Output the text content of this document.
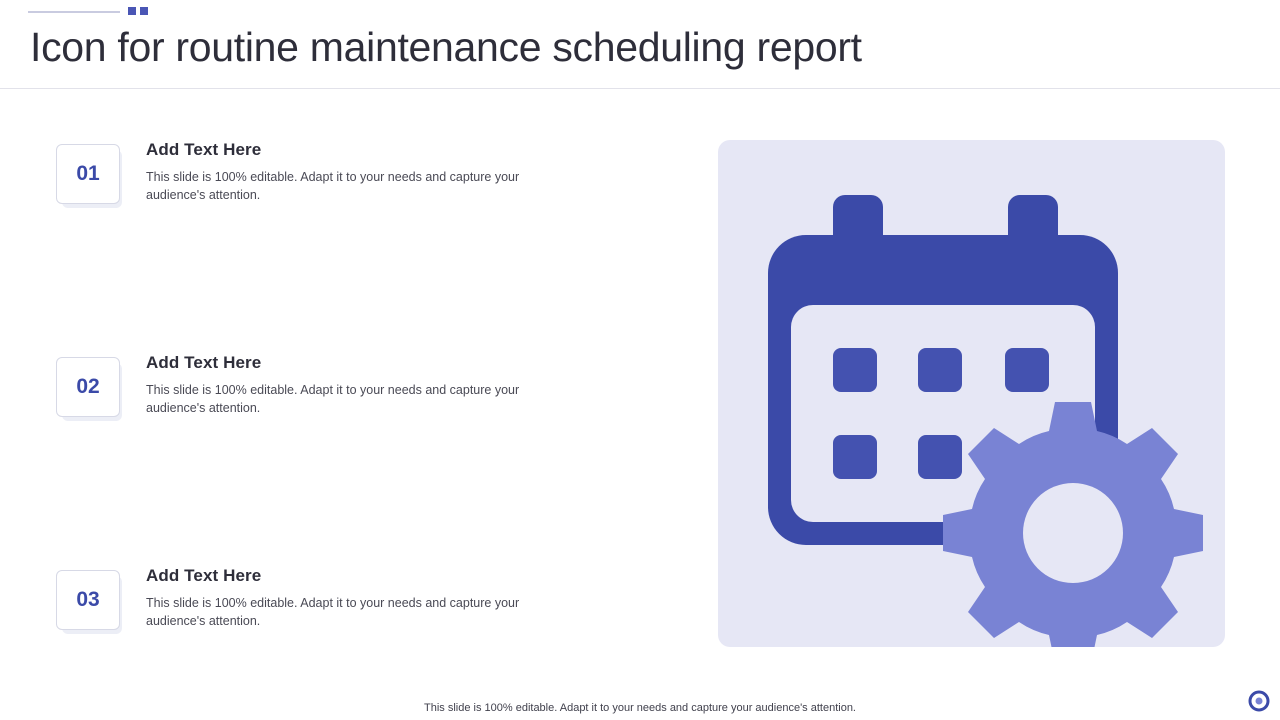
Icon for routine maintenance scheduling report
01

Add Text Here

This slide is 100% editable. Adapt it to your needs and capture your audience's attention.

02

Add Text Here

This slide is 100% editable. Adapt it to your needs and capture your audience's attention.

03

Add Text Here

This slide is 100% editable. Adapt it to your needs and capture your audience's attention.

This slide is 100% editable. Adapt it to your needs and capture your audience's attention.
